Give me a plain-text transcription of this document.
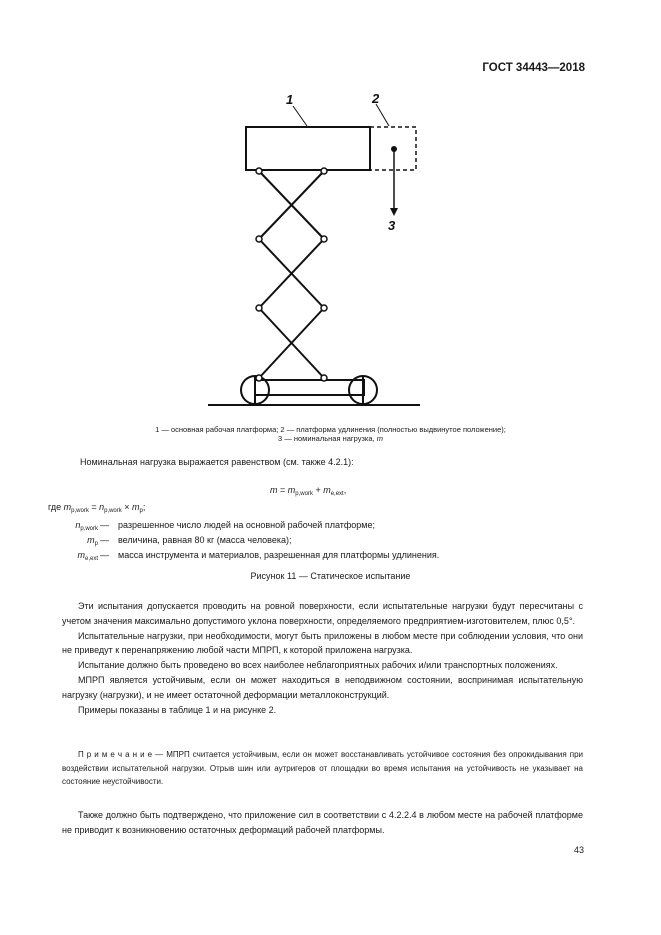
ГОСТ 34443—2018
1	2
3
1 — основная рабочая платформа; 2 — платформа удлинения (полностью выдвинутое положение);
3 — номинальная нагрузка, m
Номинальная нагрузка выражается равенством (см. также 4.2.1):
$m = m_{p,work} + m_{e,ext}$,
где $m_{p,work} = n_{p,work} \times m_p$;
$n_{p,work}$ — разрешенное число людей на основной рабочей платформе;
$m_p$ — величина, равная 80 кг (масса человека);
$m_{e,ext}$ — масса инструмента и материалов, разрешенная для платформы удлинения.
Рисунок 11 — Статическое испытание

Эти испытания допускается проводить на ровной поверхности, если испытательные нагрузки будут пересчитаны с учетом значения максимально допустимого уклона поверхности, определяемого предприятием-изготовителем, плюс 0,5°.

Испытательные нагрузки, при необходимости, могут быть приложены в любом месте при соблюдении условия, что они не приведут к перенапряжению любой части МПРП, к которой приложена нагрузка.

Испытание должно быть проведено во всех наиболее неблагоприятных рабочих и/или транспортных положениях.

МПРП является устойчивым, если он может находиться в неподвижном состоянии, воспринимая испытательную нагрузку (нагрузки), и не имеет остаточной деформации металлоконструкций.

Примеры показаны в таблице 1 и на рисунке 2.

П р и м е ч а н и е — МПРП считается устойчивым, если он может восстанавливать устойчивое состояния без опрокидывания при воздействии испытательной нагрузки. Отрыв шин или аутригеров от площадки во время испытания на устойчивость не указывает на состояние неустойчивости.

Также должно быть подтверждено, что приложение сил в соответствии с 4.2.2.4 в любом месте на рабочей платформе не приводит к возникновению остаточных деформаций рабочей платформы.

43
